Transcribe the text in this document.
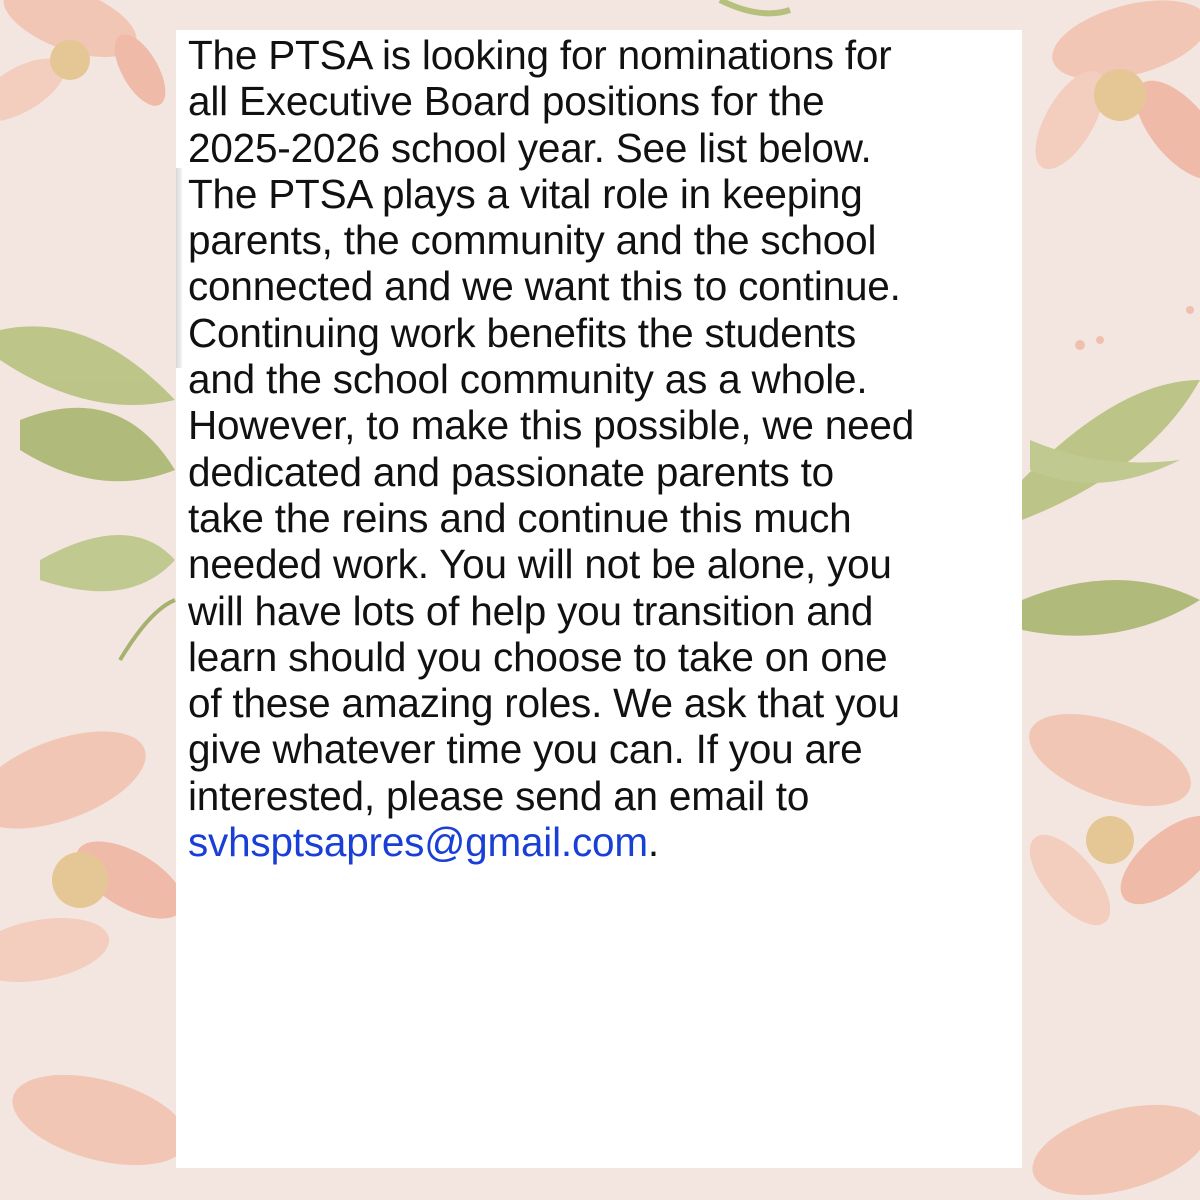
The PTSA is looking for nominations for
all Executive Board positions for the
2025-2026 school year. See list below.
The PTSA plays a vital role in keeping
parents, the community and the school
connected and we want this to continue.
Continuing work benefits the students
and the school community as a whole.
However, to make this possible, we need
dedicated and passionate parents to
take the reins and continue this much
needed work. You will not be alone, you
will have lots of help you transition and
learn should you choose to take on one
of these amazing roles. We ask that you
give whatever time you can. If you are
interested, please send an email to
svhsptsapres@gmail.com.
